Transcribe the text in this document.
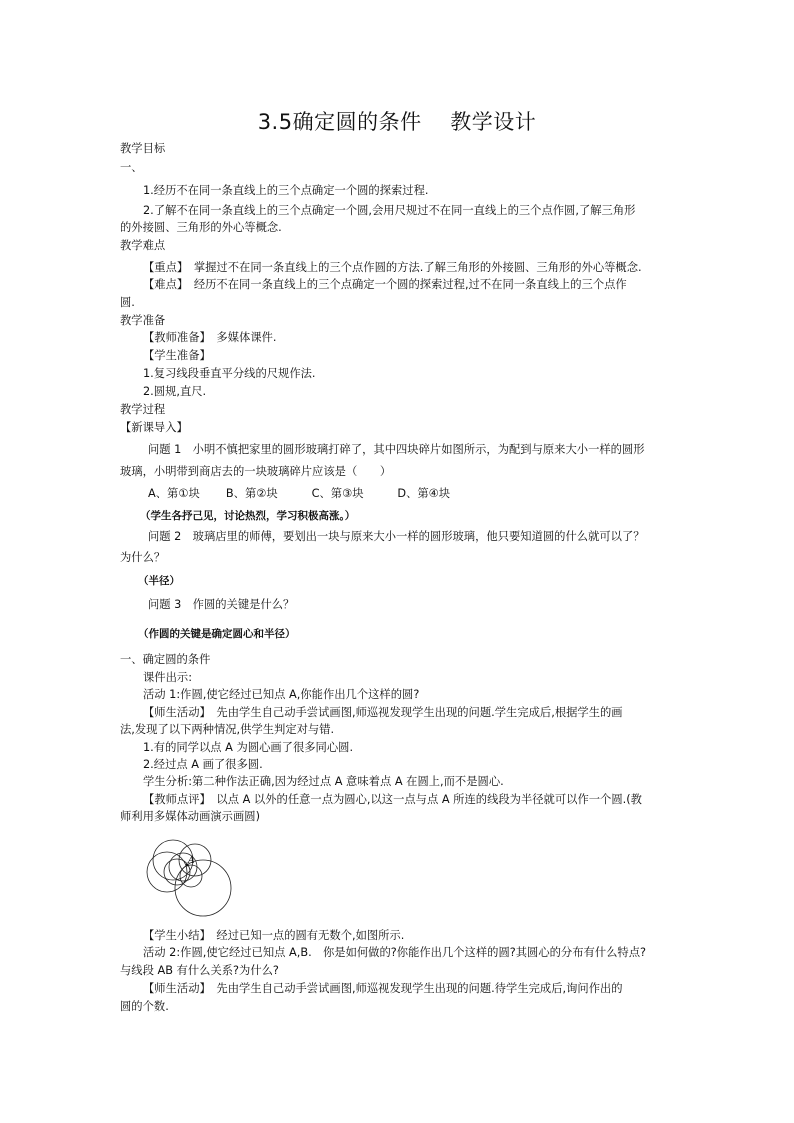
3.5确定圆的条件 教学设计
教学目标
一、
1.经历不在同一条直线上的三个点确定一个圆的探索过程.
2.了解不在同一条直线上的三个点确定一个圆,会用尺规过不在同一直线上的三个点作圆,了解三角形
的外接圆、三角形的外心等概念.
教学难点
【重点】　掌握过不在同一条直线上的三个点作圆的方法.了解三角形的外接圆、三角形的外心等概念.
【难点】　经历不在同一条直线上的三个点确定一个圆的探索过程,过不在同一条直线上的三个点作
圆.
教学准备
【教师准备】　多媒体课件.
【学生准备】
1.复习线段垂直平分线的尺规作法.
2.圆规,直尺.
教学过程
【新课导入】
问题 1　小明不慎把家里的圆形玻璃打碎了，其中四块碎片如图所示，为配到与原来大小一样的圆形
玻璃，小明带到商店去的一块玻璃碎片应该是（　　）
A、第①块　　 B、第②块　　　C、第③块　　　D、第④块
（学生各抒己见，讨论热烈，学习积极高涨。）
问题 2　玻璃店里的师傅，要划出一块与原来大小一样的圆形玻璃，他只要知道圆的什么就可以了？
为什么？
（半径）
问题 3　作圆的关键是什么？
（作圆的关键是确定圆心和半径）
一、确定圆的条件
课件出示:
活动 1:作圆,使它经过已知点 A,你能作出几个这样的圆?
【师生活动】　先由学生自己动手尝试画图,师巡视发现学生出现的问题.学生完成后,根据学生的画
法,发现了以下两种情况,供学生判定对与错.
1.有的同学以点 A 为圆心画了很多同心圆.
2.经过点 A 画了很多圆.
学生分析:第二种作法正确,因为经过点 A 意味着点 A 在圆上,而不是圆心.
【教师点评】　以点 A 以外的任意一点为圆心,以这一点与点 A 所连的线段为半径就可以作一个圆.(教
师利用多媒体动画演示画圆)
A
【学生小结】　经过已知一点的圆有无数个,如图所示.
活动 2:作圆,使它经过已知点 A,B.　你是如何做的?你能作出几个这样的圆?其圆心的分布有什么特点?
与线段 AB 有什么关系?为什么?
【师生活动】　先由学生自己动手尝试画图,师巡视发现学生出现的问题.待学生完成后,询问作出的
圆的个数.
